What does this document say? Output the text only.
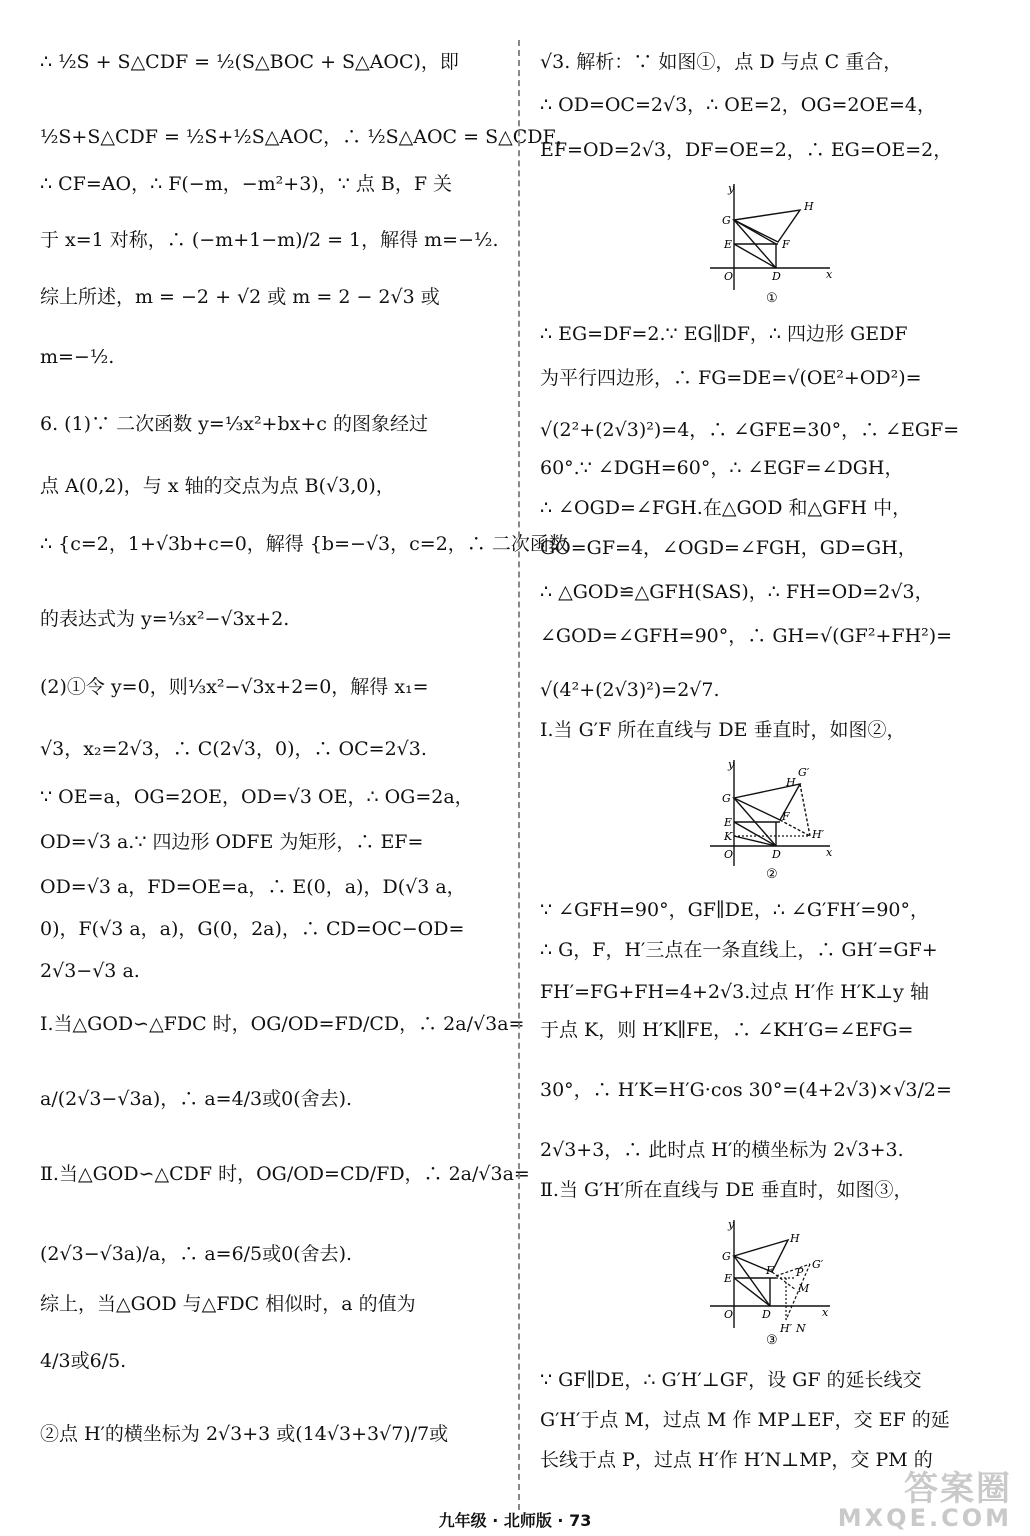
∴ ½S + S△CDF = ½(S△BOC + S△AOC)，即
½S+S△CDF = ½S+½S△AOC，∴ ½S△AOC = S△CDF，
∴ CF=AO，∴ F(−m，−m²+3)，∵ 点 B，F 关
于 x=1 对称，∴ (−m+1−m)/2 = 1，解得 m=−½.
综上所述，m = −2 + √2 或 m = 2 − 2√3 或
m=−½.
6. (1)∵ 二次函数 y=⅓x²+bx+c 的图象经过
点 A(0,2)，与 x 轴的交点为点 B(√3,0)，
∴ {c=2，1+√3b+c=0，解得 {b=−√3，c=2，∴ 二次函数
的表达式为 y=⅓x²−√3x+2.
(2)①令 y=0，则⅓x²−√3x+2=0，解得 x₁=
√3，x₂=2√3，∴ C(2√3，0)，∴ OC=2√3.
∵ OE=a，OG=2OE，OD=√3 OE，∴ OG=2a，
OD=√3 a.∵ 四边形 ODFE 为矩形，∴ EF=
OD=√3 a，FD=OE=a，∴ E(0，a)，D(√3 a，
0)，F(√3 a，a)，G(0，2a)，∴ CD=OC−OD=
2√3−√3 a.
Ⅰ.当△GOD∽△FDC 时，OG/OD=FD/CD，∴ 2a/√3a=
a/(2√3−√3a)，∴ a=4/3或0(舍去).
Ⅱ.当△GOD∽△CDF 时，OG/OD=CD/FD，∴ 2a/√3a=
(2√3−√3a)/a，∴ a=6/5或0(舍去).
综上，当△GOD 与△FDC 相似时，a 的值为
4/3或6/5.
②点 H′的横坐标为 2√3+3 或(14√3+3√7)/7或
√3. 解析：∵ 如图①，点 D 与点 C 重合，
∴ OD=OC=2√3，∴ OE=2，OG=2OE=4，
EF=OD=2√3，DF=OE=2，∴ EG=OE=2，
∴ EG=DF=2.∵ EG∥DF，∴ 四边形 GEDF
为平行四边形，∴ FG=DE=√(OE²+OD²)=
√(2²+(2√3)²)=4，∴ ∠GFE=30°，∴ ∠EGF=
60°.∵ ∠DGH=60°，∴ ∠EGF=∠DGH，
∴ ∠OGD=∠FGH.在△GOD 和△GFH 中，
GO=GF=4，∠OGD=∠FGH，GD=GH，
∴ △GOD≌△GFH(SAS)，∴ FH=OD=2√3，
∠GOD=∠GFH=90°，∴ GH=√(GF²+FH²)=
√(4²+(2√3)²)=2√7.
Ⅰ.当 G′F 所在直线与 DE 垂直时，如图②，
∵ ∠GFH=90°，GF∥DE，∴ ∠G′FH′=90°，
∴ G，F，H′三点在一条直线上，∴ GH′=GF+
FH′=FG+FH=4+2√3.过点 H′作 H′K⊥y 轴
于点 K，则 H′K∥FE，∴ ∠KH′G=∠EFG=
30°，∴ H′K=H′G·cos 30°=(4+2√3)×√3/2=
2√3+3，∴ 此时点 H′的横坐标为 2√3+3.
Ⅱ.当 G′H′所在直线与 DE 垂直时，如图③，
∵ GF∥DE，∴ G′H′⊥GF，设 GF 的延长线交
G′H′于点 M，过点 M 作 MP⊥EF，交 EF 的延
长线于点 P，过点 H′作 H′N⊥MP，交 PM 的
y
x
O	D
E	F
G
H
①
y
x
O	D
E	F
G
H
G′
H′
K
②
y
x
O	D
E
F
G
H
G′
H′
M
P
N
③
九年级 · 北师版 · 73
答案圈
MXQE.COM
